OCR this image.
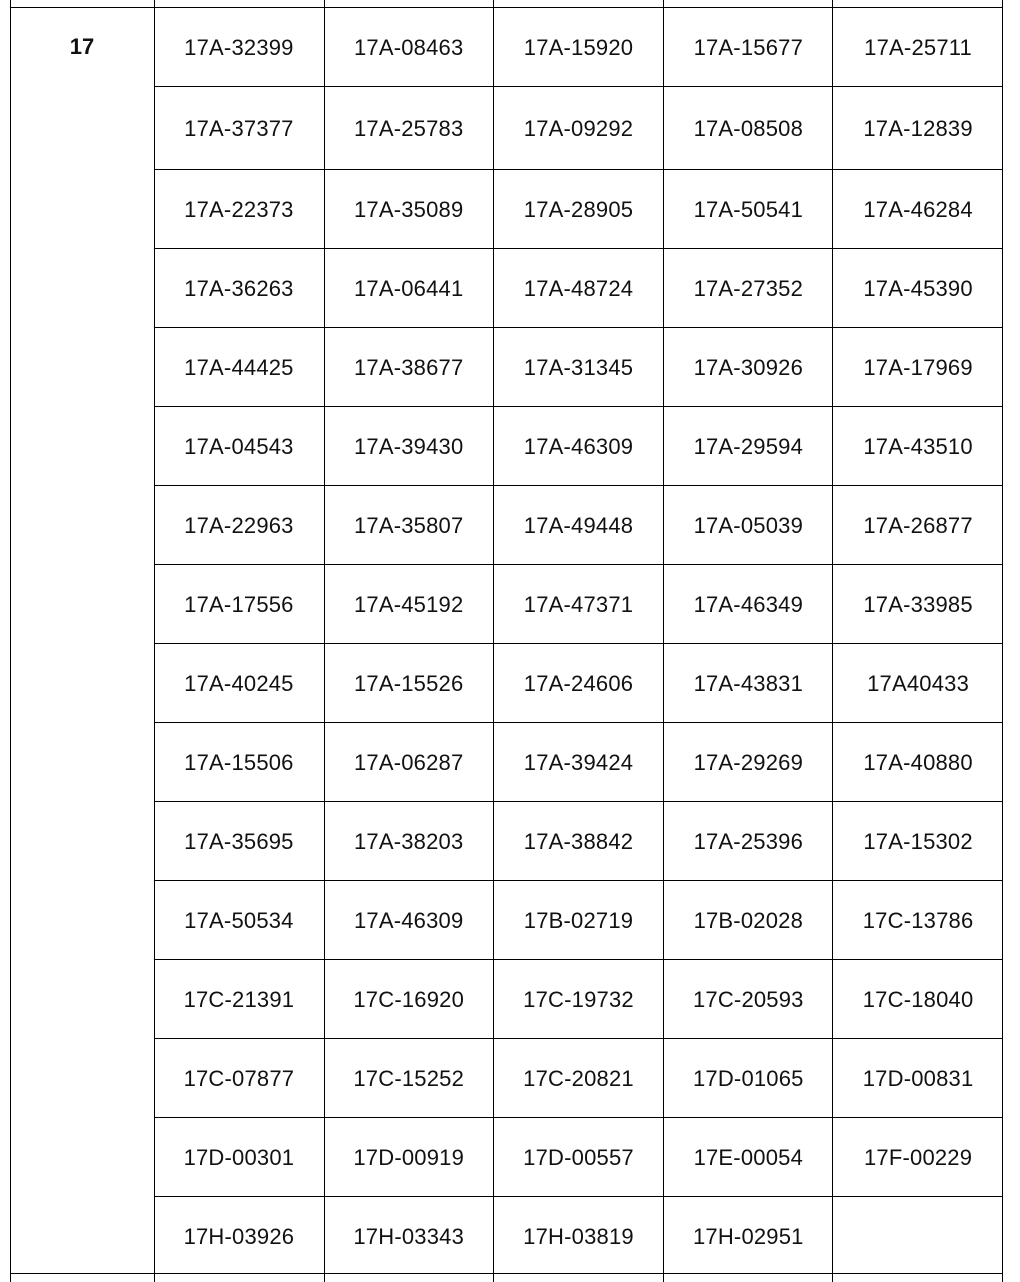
17	17A-32399	17A-08463	17A-15920	17A-15677	17A-25711
17A-37377	17A-25783	17A-09292	17A-08508	17A-12839
17A-22373	17A-35089	17A-28905	17A-50541	17A-46284
17A-36263	17A-06441	17A-48724	17A-27352	17A-45390
17A-44425	17A-38677	17A-31345	17A-30926	17A-17969
17A-04543	17A-39430	17A-46309	17A-29594	17A-43510
17A-22963	17A-35807	17A-49448	17A-05039	17A-26877
17A-17556	17A-45192	17A-47371	17A-46349	17A-33985
17A-40245	17A-15526	17A-24606	17A-43831	17A40433
17A-15506	17A-06287	17A-39424	17A-29269	17A-40880
17A-35695	17A-38203	17A-38842	17A-25396	17A-15302
17A-50534	17A-46309	17B-02719	17B-02028	17C-13786
17C-21391	17C-16920	17C-19732	17C-20593	17C-18040
17C-07877	17C-15252	17C-20821	17D-01065	17D-00831
17D-00301	17D-00919	17D-00557	17E-00054	17F-00229
17H-03926	17H-03343	17H-03819	17H-02951
